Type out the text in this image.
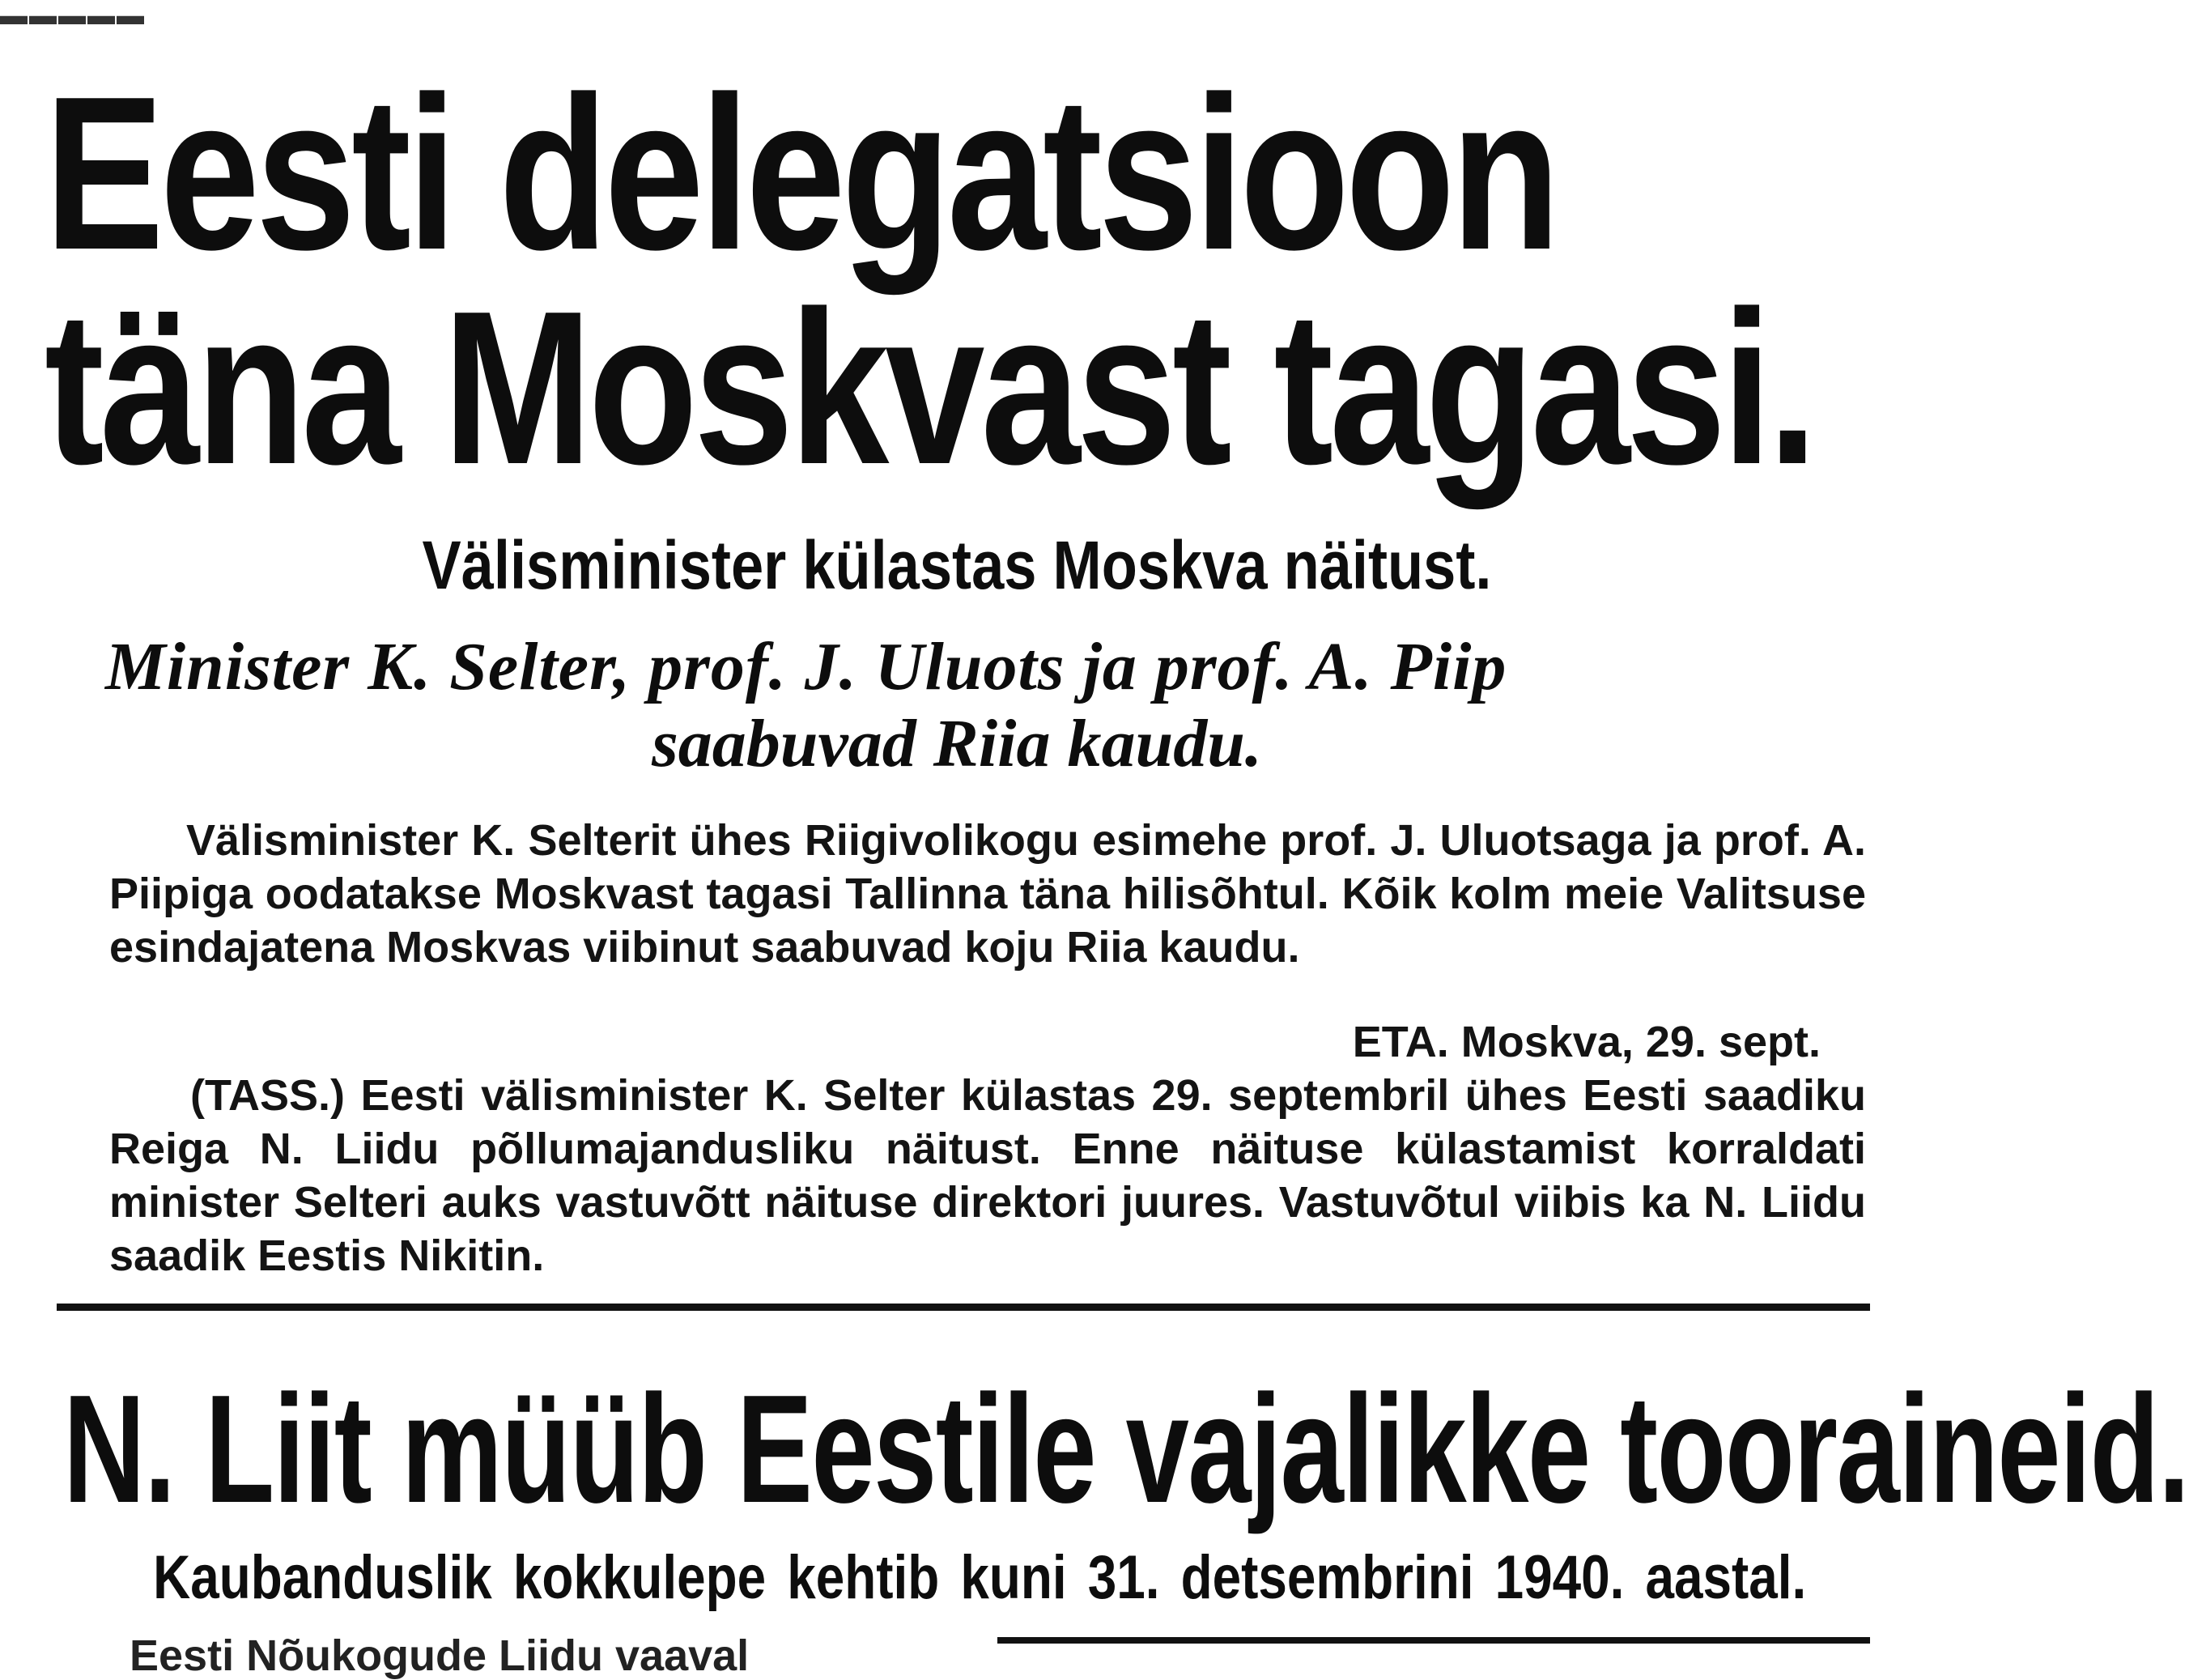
▬▬▬▬▬
Eesti delegatsioon
täna Moskvast tagasi.
Välisminister külastas Moskva näitust.
Minister K. Selter, prof. J. Uluots ja prof. A. Piip
saabuvad Riia kaudu.
Välisminister K. Selterit ühes Riigivolikogu esimehe prof. J. Uluotsaga ja prof. A. Piipiga oodatakse Moskvast tagasi Tallinna täna hilisõhtul. Kõik kolm meie Valitsuse esindajatena Moskvas viibinut saabuvad koju Riia kaudu.
ETA. Moskva, 29. sept.
(TASS.) Eesti välisminister K. Selter külastas 29. septembril ühes Eesti saadiku Reiga N. Liidu põllumajandusliku näitust. Enne näituse külastamist korraldati minister Selteri auks vastuvõtt näituse direktori juures. Vastuvõtul viibis ka N. Liidu saadik Eestis Nikitin.
N. Liit müüb Eestile vajalikke tooraineid.
Kaubanduslik kokkulepe kehtib kuni 31. detsembrini 1940. aastal.
Eesti Nõukogude Liidu vaaval
